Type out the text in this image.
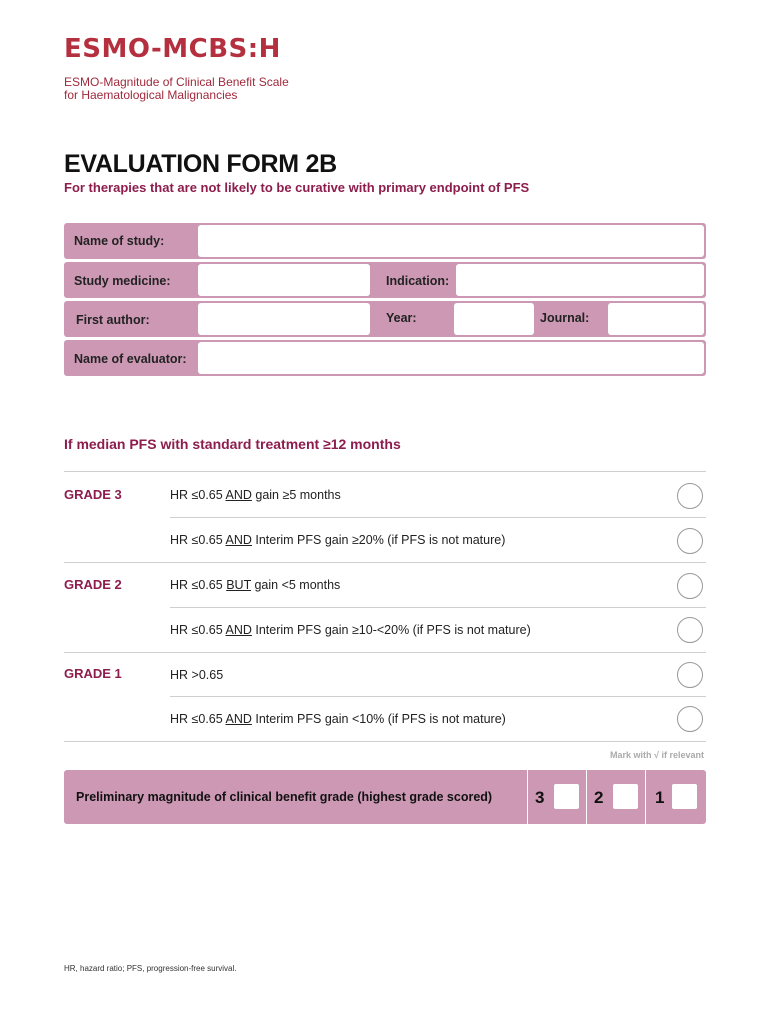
ESMO-MCBS:H
ESMO-Magnitude of Clinical Benefit Scale
for Haematological Malignancies
EVALUATION FORM 2B
For therapies that are not likely to be curative with primary endpoint of PFS
Name of study:
Study medicine:	Indication:
First author:	Year:	Journal:
Name of evaluator:
If median PFS with standard treatment ≥12 months
GRADE 3	HR ≤0.65 AND gain ≥5 months
HR ≤0.65 AND Interim PFS gain ≥20% (if PFS is not mature)
GRADE 2	HR ≤0.65 BUT gain <5 months
HR ≤0.65 AND Interim PFS gain ≥10-<20% (if PFS is not mature)
GRADE 1	HR >0.65
HR ≤0.65 AND Interim PFS gain <10% (if PFS is not mature)
Mark with √ if relevant
Preliminary magnitude of clinical benefit grade (highest grade scored)	3	2	1
HR, hazard ratio; PFS, progression-free survival.
